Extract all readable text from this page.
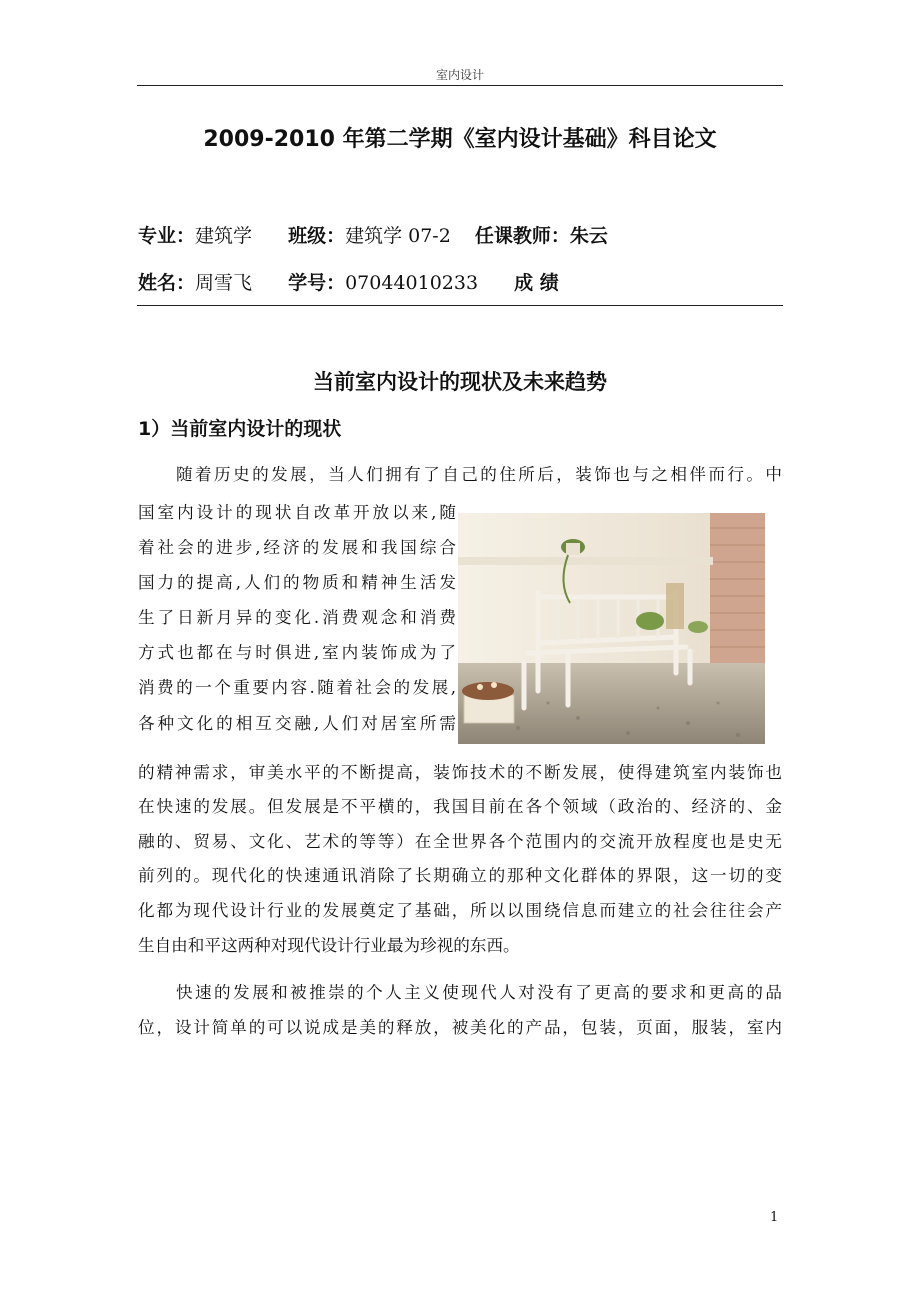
室内设计
2009-2010 年第二学期《室内设计基础》科目论文
专业：建筑学 班级：建筑学 07-2 任课教师：朱云
姓名：周雪飞 学号：07044010233 成 绩
当前室内设计的现状及未来趋势
1）当前室内设计的现状
　　随着历史的发展，当人们拥有了自己的住所后，装饰也与之相伴而行。中
国室内设计的现状自改革开放以来,随
着社会的进步,经济的发展和我国综合
国力的提高,人们的物质和精神生活发
生了日新月异的变化.消费观念和消费
方式也都在与时俱进,室内装饰成为了
消费的一个重要内容.随着社会的发展,
各种文化的相互交融,人们对居室所需
的精神需求，审美水平的不断提高，装饰技术的不断发展，使得建筑室内装饰也
在快速的发展。但发展是不平横的，我国目前在各个领域（政治的、经济的、金
融的、贸易、文化、艺术的等等）在全世界各个范围内的交流开放程度也是史无
前列的。现代化的快速通讯消除了长期确立的那种文化群体的界限，这一切的变
化都为现代设计行业的发展奠定了基础，所以以围绕信息而建立的社会往往会产
生自由和平这两种对现代设计行业最为珍视的东西。
　　快速的发展和被推崇的个人主义使现代人对没有了更高的要求和更高的品
位，设计简单的可以说成是美的释放，被美化的产品，包装，页面，服装，室内
1
